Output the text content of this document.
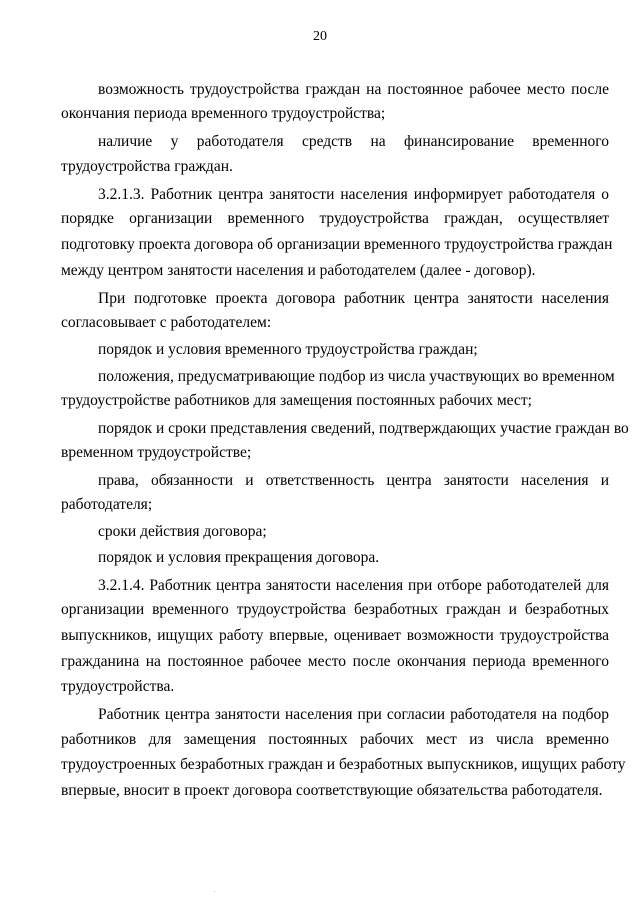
20
возможность трудоустройства граждан на постоянное рабочее место после
окончания периода временного трудоустройства;
наличие у работодателя средств на финансирование временного
трудоустройства граждан.
3.2.1.3. Работник центра занятости населения информирует работодателя о
порядке организации временного трудоустройства граждан, осуществляет
подготовку проекта договора об организации временного трудоустройства граждан
между центром занятости населения и работодателем (далее - договор).
При подготовке проекта договора работник центра занятости населения
согласовывает с работодателем:
порядок и условия временного трудоустройства граждан;
положения, предусматривающие подбор из числа участвующих во временном
трудоустройстве работников для замещения постоянных рабочих мест;
порядок и сроки представления сведений, подтверждающих участие граждан во
временном трудоустройстве;
права, обязанности и ответственность центра занятости населения и
работодателя;
сроки действия договора;
порядок и условия прекращения договора.
3.2.1.4. Работник центра занятости населения при отборе работодателей для
организации временного трудоустройства безработных граждан и безработных
выпускников, ищущих работу впервые, оценивает возможности трудоустройства
гражданина на постоянное рабочее место после окончания периода временного
трудоустройства.
Работник центра занятости населения при согласии работодателя на подбор
работников для замещения постоянных рабочих мест из числа временно
трудоустроенных безработных граждан и безработных выпускников, ищущих работу
впервые, вносит в проект договора соответствующие обязательства работодателя.
